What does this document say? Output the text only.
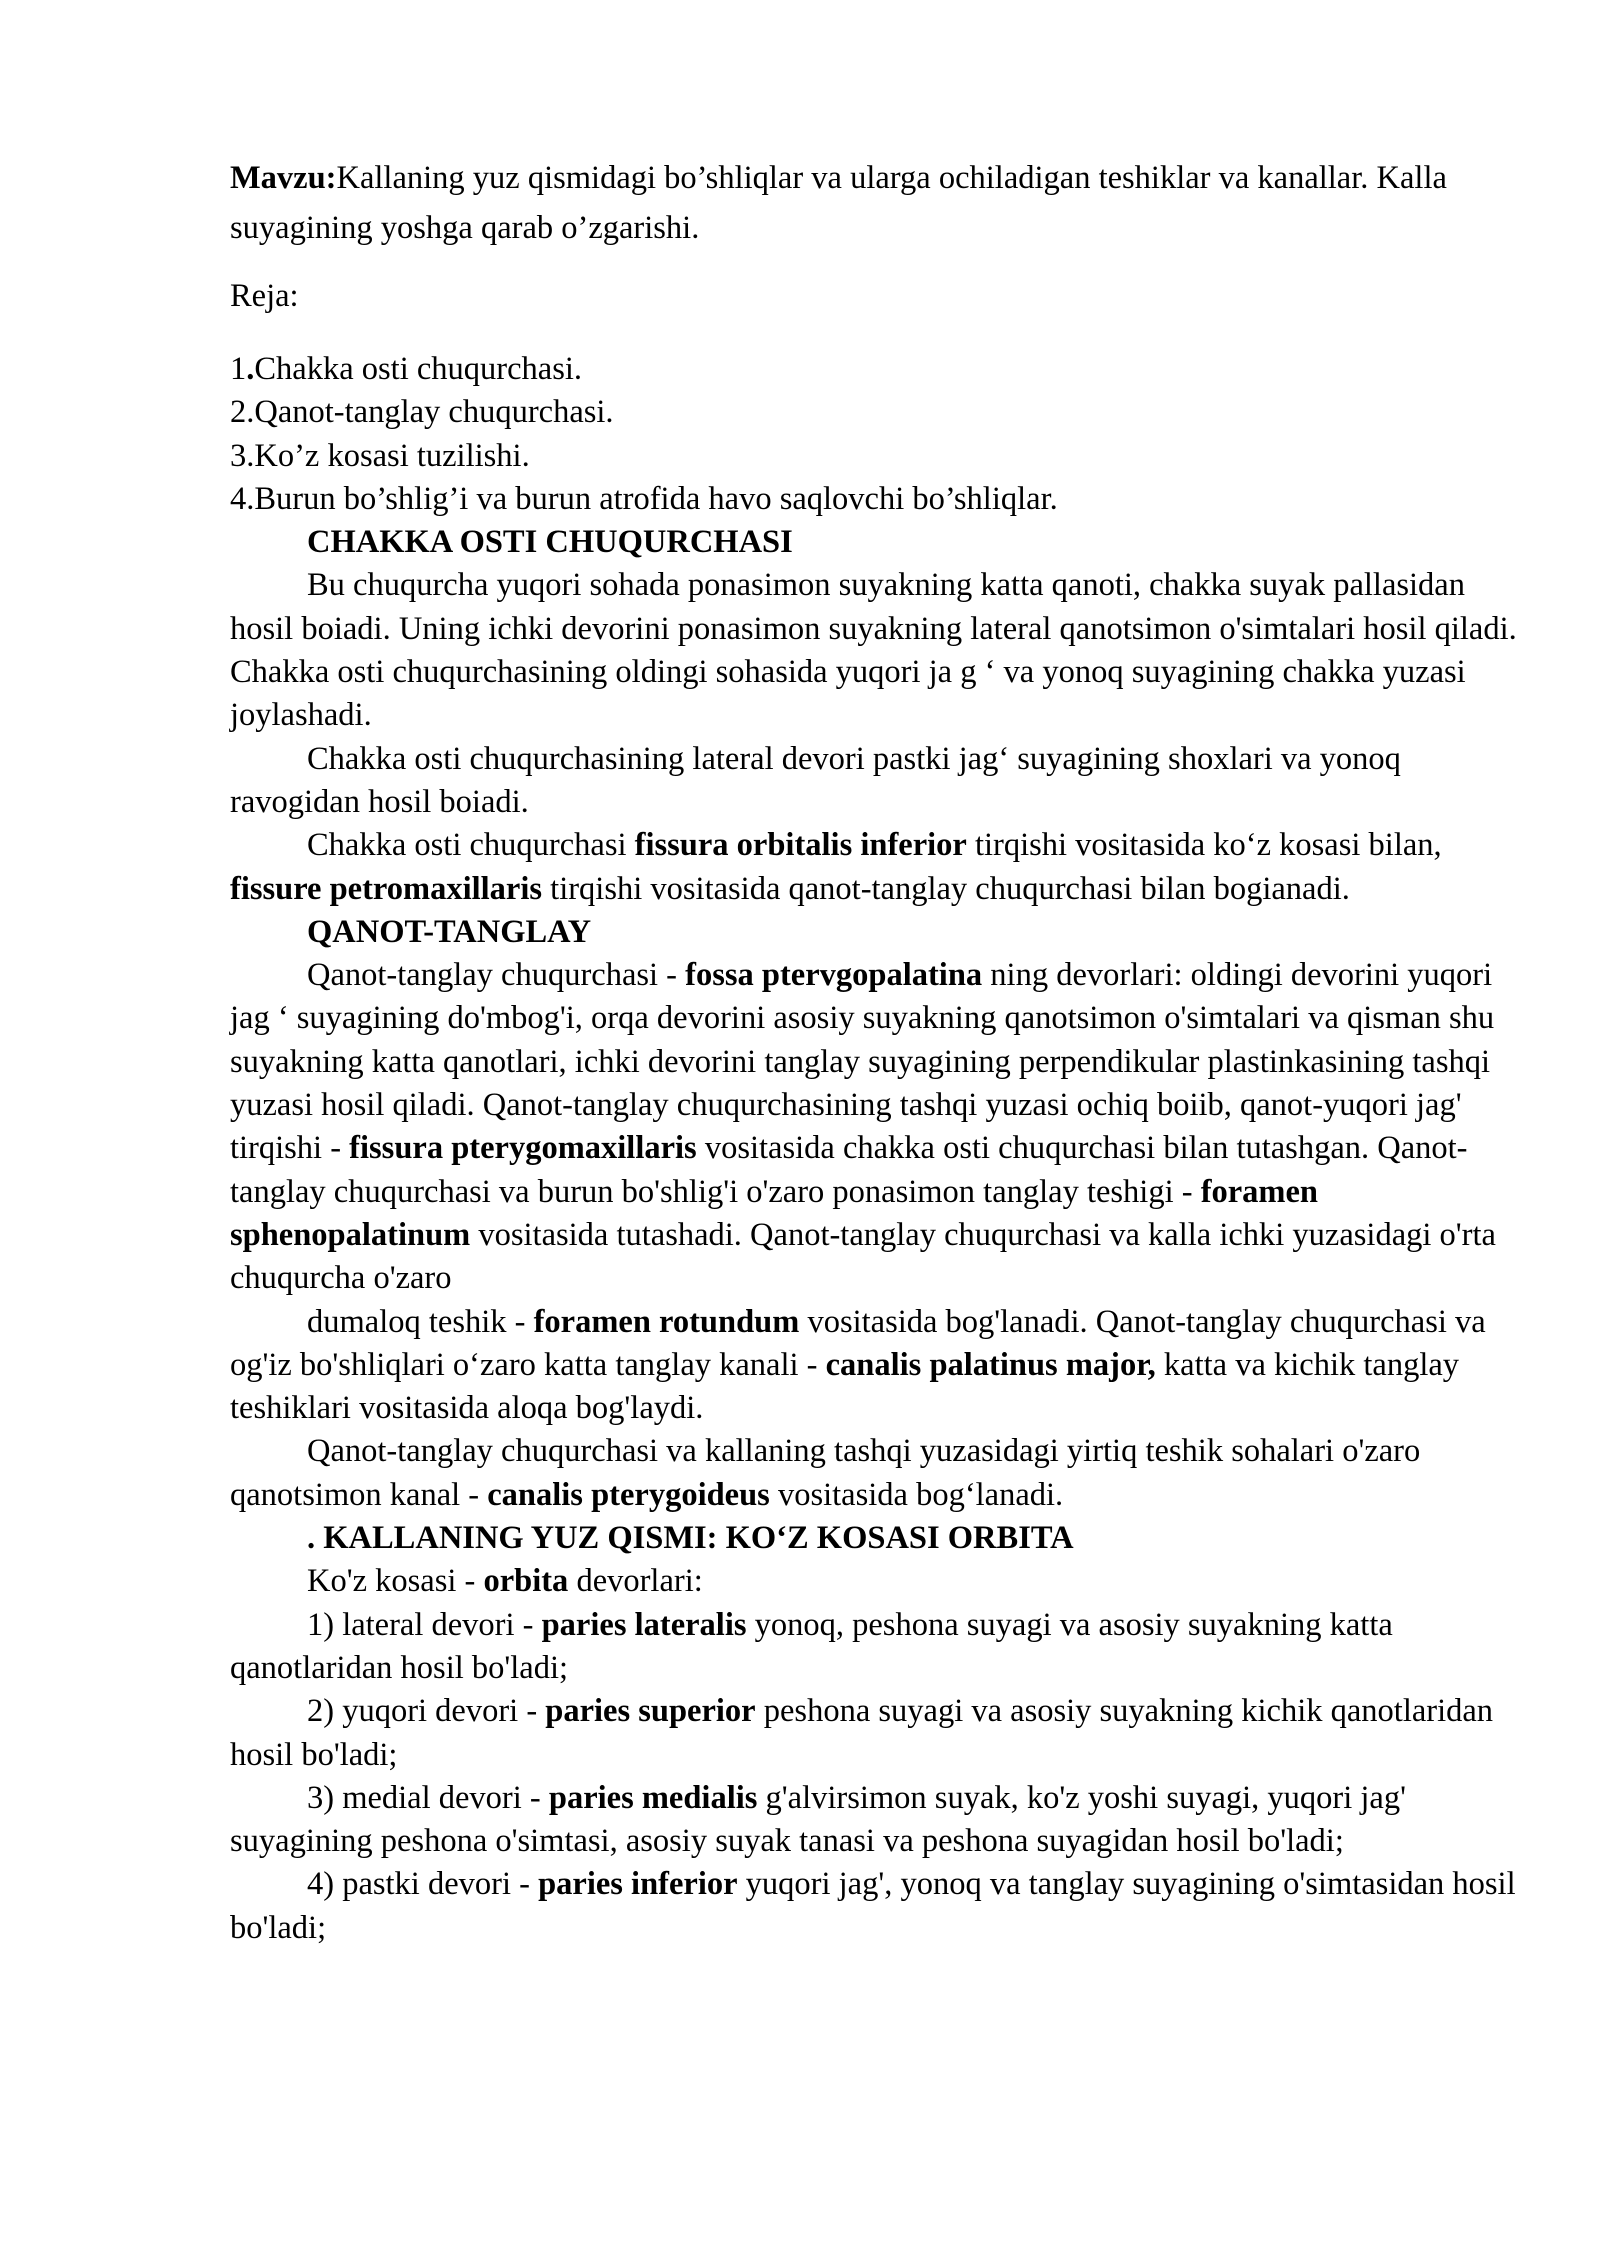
Mavzu:Kallaning yuz qismidagi bo’shliqlar va ularga ochiladigan teshiklar va kanallar. Kalla suyagining yoshga qarab o’zgarishi.

Reja:

1.Chakka osti chuqurchasi.
2.Qanot-tanglay chuqurchasi.
3.Ko’z kosasi tuzilishi.
4.Burun bo’shlig’i va burun atrofida havo saqlovchi bo’shliqlar.

CHAKKA OSTI CHUQURCHASI

Bu chuqurcha yuqori sohada ponasimon suyakning katta qanoti, chakka suyak pallasidan hosil boiadi. Uning ichki devorini ponasimon suyakning lateral qanotsimon o'simtalari hosil qiladi. Chakka osti chuqurchasining oldingi sohasida yuqori ja g ‘ va yonoq suyagining chakka yuzasi joylashadi.

Chakka osti chuqurchasining lateral devori pastki jag‘ suyagining shoxlari va yonoq ravogidan hosil boiadi.

Chakka osti chuqurchasi fissura orbitalis inferior tirqishi vositasida ko‘z kosasi bilan, fissure petromaxillaris tirqishi vositasida qanot-tanglay chuqurchasi bilan bogianadi.

QANOT-TANGLAY

Qanot-tanglay chuqurchasi - fossa ptervgopalatina ning devorlari: oldingi devorini yuqori jag ‘ suyagining do'mbog'i, orqa devorini asosiy suyakning qanotsimon o'simtalari va qisman shu suyakning katta qanotlari, ichki devorini tanglay suyagining perpendikular plastinkasining tashqi yuzasi hosil qiladi. Qanot-tanglay chuqurchasining tashqi yuzasi ochiq boiib, qanot-yuqori jag' tirqishi - fissura pterygomaxillaris vositasida chakka osti chuqurchasi bilan tutashgan. Qanot-tanglay chuqurchasi va burun bo'shlig'i o'zaro ponasimon tanglay teshigi - foramen sphenopalatinum vositasida tutashadi. Qanot-tanglay chuqurchasi va kalla ichki yuzasidagi o'rta chuqurcha o'zaro

dumaloq teshik - foramen rotundum vositasida bog'lanadi. Qanot-tanglay chuqurchasi va og'iz bo'shliqlari o‘zaro katta tanglay kanali - canalis palatinus major, katta va kichik tanglay teshiklari vositasida aloqa bog'laydi.

Qanot-tanglay chuqurchasi va kallaning tashqi yuzasidagi yirtiq teshik sohalari o'zaro qanotsimon kanal - canalis pterygoideus vositasida bog‘lanadi.

. KALLANING YUZ QISMI: KO‘Z KOSASI ORBITA

Ko'z kosasi - orbita devorlari:

1) lateral devori - paries lateralis yonoq, peshona suyagi va asosiy suyakning katta qanotlaridan hosil bo'ladi;

2) yuqori devori - paries superior peshona suyagi va asosiy suyakning kichik qanotlaridan hosil bo'ladi;

3) medial devori - paries medialis g'alvirsimon suyak, ko'z yoshi suyagi, yuqori jag' suyagining peshona o'simtasi, asosiy suyak tanasi va peshona suyagidan hosil bo'ladi;

4) pastki devori - paries inferior yuqori jag', yonoq va tanglay suyagining o'simtasidan hosil bo'ladi;
